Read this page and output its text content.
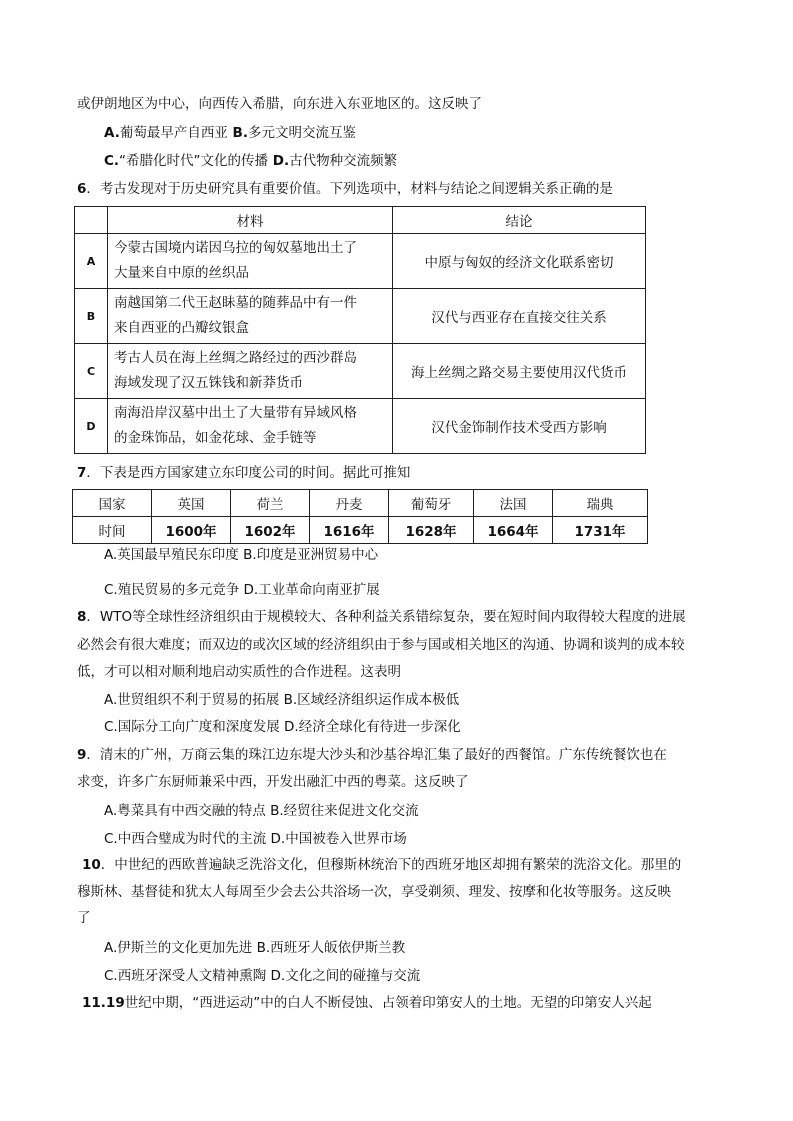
或伊朗地区为中心，向西传入希腊，向东进入东亚地区的。这反映了
A.葡萄最早产自西亚 B.多元文明交流互鉴
C.“希腊化时代”文化的传播 D.古代物种交流频繁
6．考古发现对于历史研究具有重要价值。下列选项中，材料与结论之间逻辑关系正确的是
	材料	结论
A	今蒙古国境内诺因乌拉的匈奴墓地出土了
大量来自中原的丝织品	中原与匈奴的经济文化联系密切
B	南越国第二代王赵眛墓的随葬品中有一件
来自西亚的凸瓣纹银盒	汉代与西亚存在直接交往关系
C	考古人员在海上丝绸之路经过的西沙群岛
海域发现了汉五铢钱和新莽货币	海上丝绸之路交易主要使用汉代货币
D	南海沿岸汉墓中出土了大量带有异域风格
的金珠饰品，如金花球、金手链等	汉代金饰制作技术受西方影响
7．下表是西方国家建立东印度公司的时间。据此可推知
国家	英国	荷兰	丹麦	葡萄牙	法国	瑞典
时间	1600年	1602年	1616年	1628年	1664年	1731年
A.英国最早殖民东印度 B.印度是亚洲贸易中心
C.殖民贸易的多元竞争 D.工业革命向南亚扩展
8．WTO等全球性经济组织由于规模较大、各种利益关系错综复杂，要在短时间内取得较大程度的进展
必然会有很大难度；而双边的或次区域的经济组织由于参与国或相关地区的沟通、协调和谈判的成本较
低，才可以相对顺利地启动实质性的合作进程。这表明
A.世贸组织不利于贸易的拓展 B.区域经济组织运作成本极低
C.国际分工向广度和深度发展 D.经济全球化有待进一步深化
9．清末的广州，万商云集的珠江边东堤大沙头和沙基谷埠汇集了最好的西餐馆。广东传统餐饮也在
求变，许多广东厨师兼采中西，开发出融汇中西的粤菜。这反映了
A.粤菜具有中西交融的特点 B.经贸往来促进文化交流
C.中西合璧成为时代的主流 D.中国被卷入世界市场
10．中世纪的西欧普遍缺乏洗浴文化，但穆斯林统治下的西班牙地区却拥有繁荣的洗浴文化。那里的
穆斯林、基督徒和犹太人每周至少会去公共浴场一次，享受剃须、理发、按摩和化妆等服务。这反映
了
A.伊斯兰的文化更加先进 B.西班牙人皈依伊斯兰教
C.西班牙深受人文精神熏陶 D.文化之间的碰撞与交流
11.19世纪中期，“西进运动”中的白人不断侵蚀、占领着印第安人的土地。无望的印第安人兴起
